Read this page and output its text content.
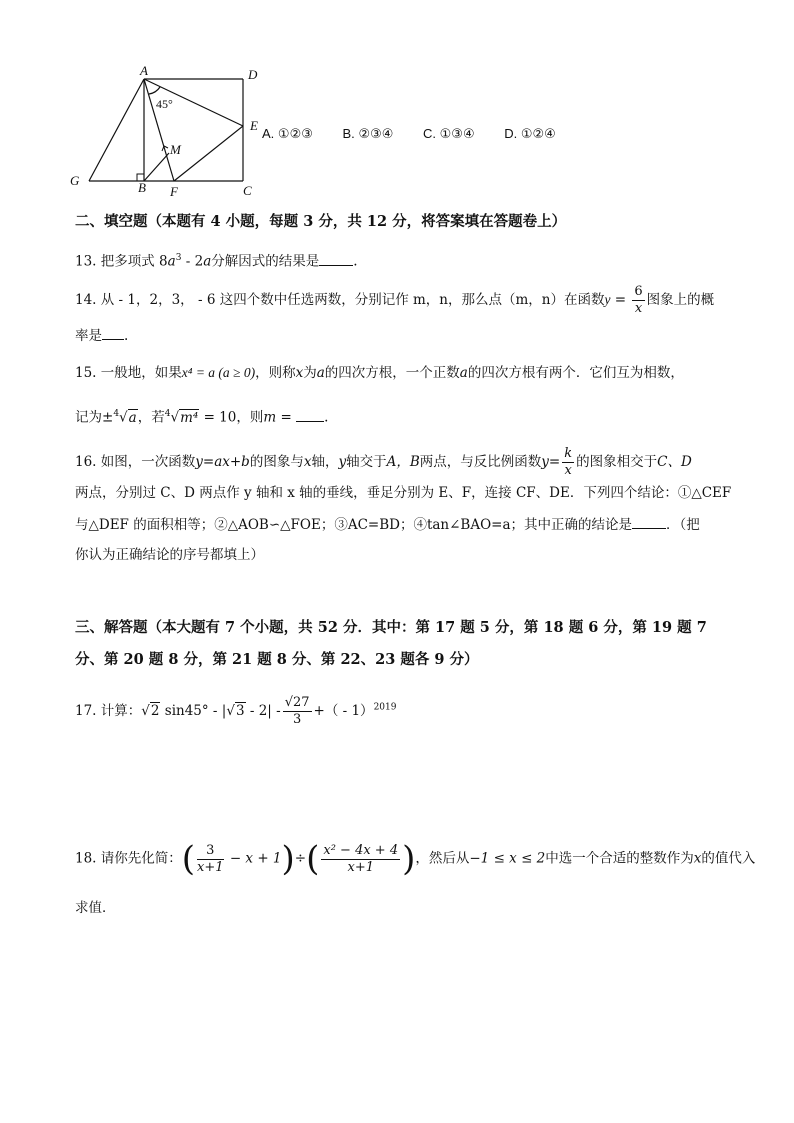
A	D
E
M
G	B F	C
45°
A. ①②③ B. ②③④ C. ①③④ D. ①②④
二、填空题（本题有 4 小题，每题 3 分，共 12 分，将答案填在答题卷上）
13. 把多项式 $8a^3 - 2a$分解因式的结果是	.
14. 从 - 1，2，3， - 6 这四个数中任选两数，分别记作 m，n，那么点（m，n）在函数$y = \frac{6}{x}$ 图象上的概
率是 .
15. 一般地，如果x⁴ = a (a ≥ 0)，则称x为a的四次方根，一个正数a的四次方根有两个．它们互为相数，
记为±$^4$√a，若$^4$√m⁴ = 10，则m = .
16. 如图，一次函数y=ax+b的图象与x轴，y轴交于A，B两点，与反比例函数$y= \frac{k}{x}$ 的图象相交于C、D
两点，分别过 C、D 两点作 y 轴和 x 轴的垂线，垂足分别为 E、F，连接 CF、DE．下列四个结论：①△CEF
与△DEF 的面积相等；②△AOB∽△FOE；③AC=BD；④tan∠BAO=a；其中正确的结论是	．（把
你认为正确结论的序号都填上）
三、解答题（本大题有 7 个小题，共 52 分．其中：第 17 题 5 分，第 18 题 6 分，第 19 题 7
分、第 20 题 8 分，第 21 题 8 分、第 22、23 题各 9 分）
17. 计算：√2 $\sin 45^\circ - |√3 - 2| - \frac{√27}{3}$ +（ - 1）$^{2019}$
18. 请你先化简：( $\frac{3}{x+1} - x + 1)\div( \frac{\text{x² − 4x + 4}}{x+1}$ )，然后从−1 ≤ x ≤ 2中选一个合适的整数作为x的值代入
求值．
